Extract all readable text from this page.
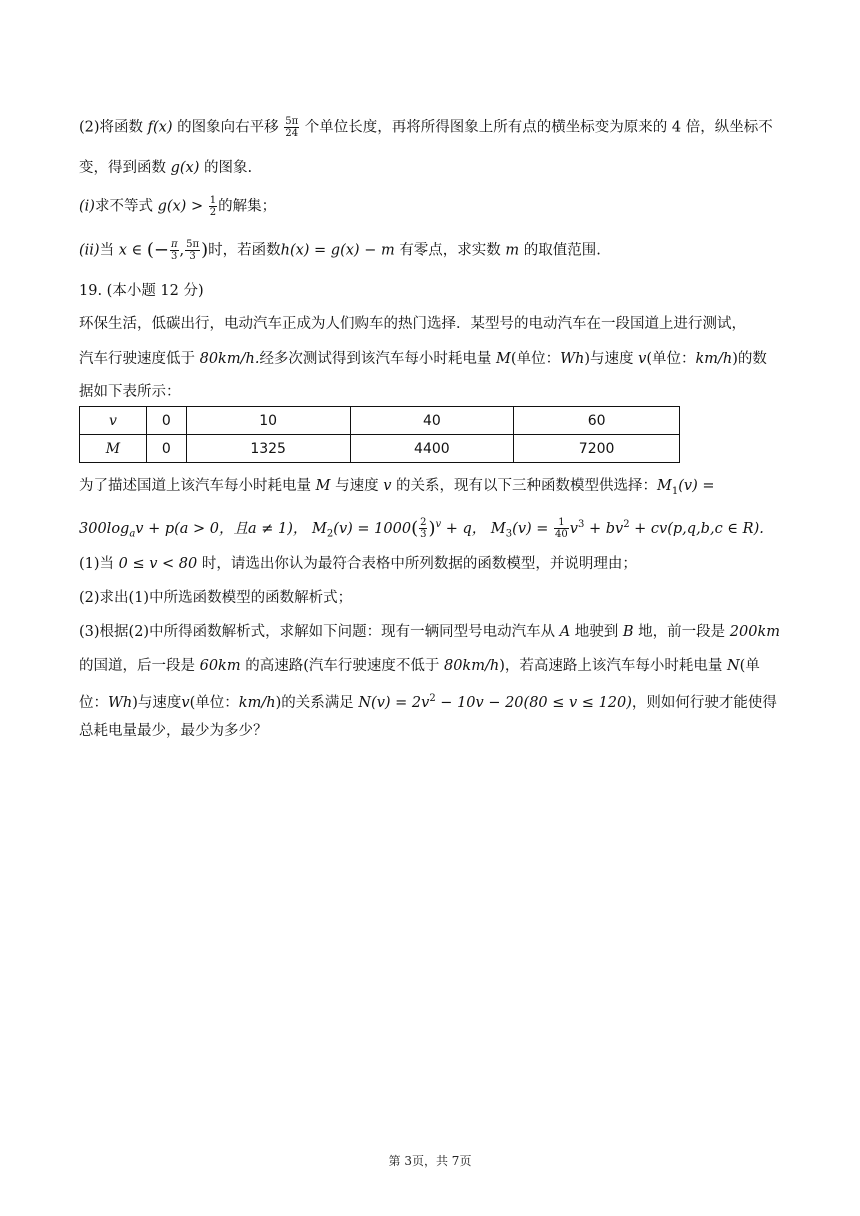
(2)将函数 f(x) 的图象向右平移 $\frac{5\pi}{24}$ 个单位长度，再将所得图象上所有点的横坐标变为原来的 4 倍，纵坐标不
变，得到函数 g(x) 的图象.
(i)求不等式 $g(x) > \frac{1}{2}$ 的解集；
(ii)当 x ∈ (− $\frac{\pi}{3}$ , $\frac{5\pi}{3}$ )时，若函数h(x) = g(x) − m 有零点，求实数 m 的取值范围.
19. (本小题 12 分)
环保生活，低碳出行，电动汽车正成为人们购车的热门选择．某型号的电动汽车在一段国道上进行测试，
汽车行驶速度低于 80km/h.经多次测试得到该汽车每小时耗电量 M(单位：Wh)与速度 v(单位：km/h)的数
据如下表所示：
v	0	10	40	60
M	0	1325	4400	7200
为了描述国道上该汽车每小时耗电量 M 与速度 v 的关系，现有以下三种函数模型供选择：$M_1(v)$ =
$300\log_av + p(a > 0$，且a ≠ 1)， $M_2(v) = 1000( \frac{2}{3} )^v + q$， $M_3(v) = \frac{1}{40} v^3 + bv^2 + cv(p,q,b,c$ ∈ R).
(1)当 0 ≤ v < 80 时，请选出你认为最符合表格中所列数据的函数模型，并说明理由；
(2)求出(1)中所选函数模型的函数解析式；
(3)根据(2)中所得函数解析式，求解如下问题：现有一辆同型号电动汽车从 A 地驶到 B 地，前一段是 200km
的国道，后一段是 60km 的高速路(汽车行驶速度不低于 80km/h)，若高速路上该汽车每小时耗电量 N(单
位：Wh)与速度v(单位：km/h)的关系满足 $N(v) = 2v^2 - 10v - 20(80 \le v \le 120)$，则如何行驶才能使得
总耗电量最少，最少为多少？
第 3页，共 7页
